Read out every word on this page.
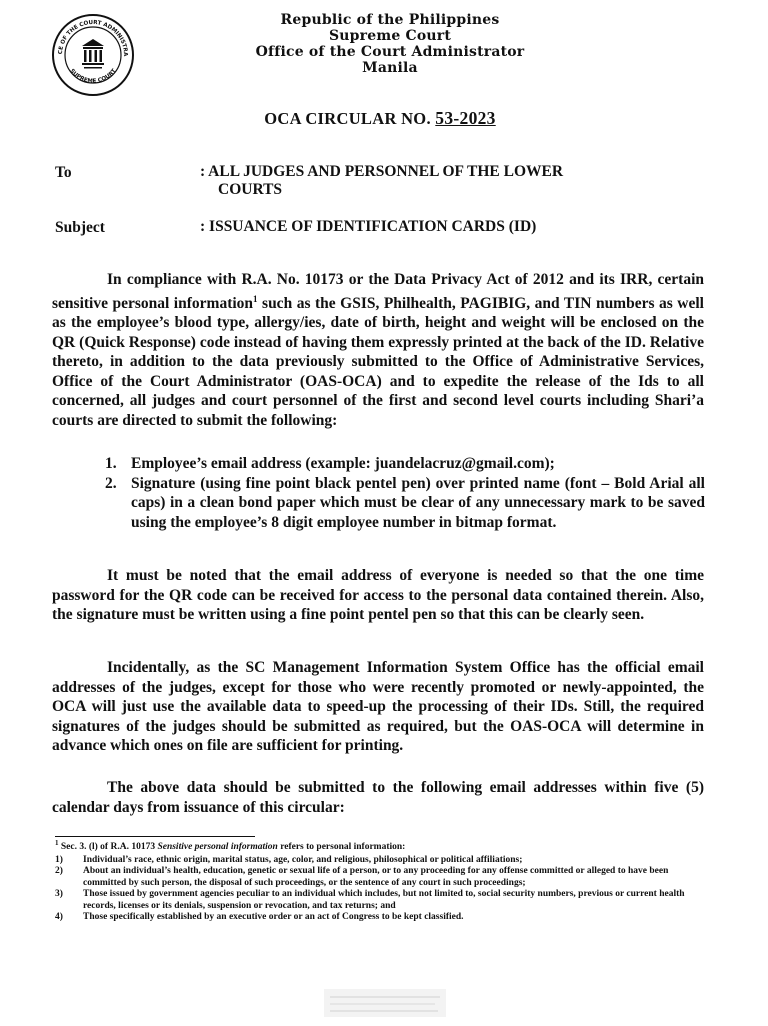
CE OF THE COURT ADMINISTRA
SUPREME COURT
Republic of the Philippines
Supreme Court
Office of the Court Administrator
Manila
OCA CIRCULAR NO. 53-2023
To	: ALL JUDGES AND PERSONNEL OF THE LOWER
COURTS
Subject	: ISSUANCE OF IDENTIFICATION CARDS (ID)
In compliance with R.A. No. 10173 or the Data Privacy Act of 2012 and its IRR, certain sensitive personal information$^1$ such as the GSIS, Philhealth, PAGIBIG, and TIN numbers as well as the employee’s blood type, allergy/ies, date of birth, height and weight will be enclosed on the QR (Quick Response) code instead of having them expressly printed at the back of the ID. Relative thereto, in addition to the data previously submitted to the Office of Administrative Services, Office of the Court Administrator (OAS-OCA) and to expedite the release of the Ids to all concerned, all judges and court personnel of the first and second level courts including Shari’a courts are directed to submit the following:
1. Employee’s email address (example: juandelacruz@gmail.com);
2. Signature (using fine point black pentel pen) over printed name (font – Bold Arial all caps) in a clean bond paper which must be clear of any unnecessary mark to be saved using the employee’s 8 digit employee number in bitmap format.
It must be noted that the email address of everyone is needed so that the one time password for the QR code can be received for access to the personal data contained therein. Also, the signature must be written using a fine point pentel pen so that this can be clearly seen.
Incidentally, as the SC Management Information System Office has the official email addresses of the judges, except for those who were recently promoted or newly-appointed, the OCA will just use the available data to speed-up the processing of their IDs. Still, the required signatures of the judges should be submitted as required, but the OAS-OCA will determine in advance which ones on file are sufficient for printing.
The above data should be submitted to the following email addresses within five (5) calendar days from issuance of this circular:
$^1$ Sec. 3. (l) of R.A. 10173 Sensitive personal information refers to personal information:
1)	Individual’s race, ethnic origin, marital status, age, color, and religious, philosophical or political affiliations;
2)	About an individual’s health, education, genetic or sexual life of a person, or to any proceeding for any offense committed or alleged to have been committed by such person, the disposal of such proceedings, or the sentence of any court in such proceedings;
3)	Those issued by government agencies peculiar to an individual which includes, but not limited to, social security numbers, previous or current health records, licenses or its denials, suspension or revocation, and tax returns; and
4)	Those specifically established by an executive order or an act of Congress to be kept classified.
